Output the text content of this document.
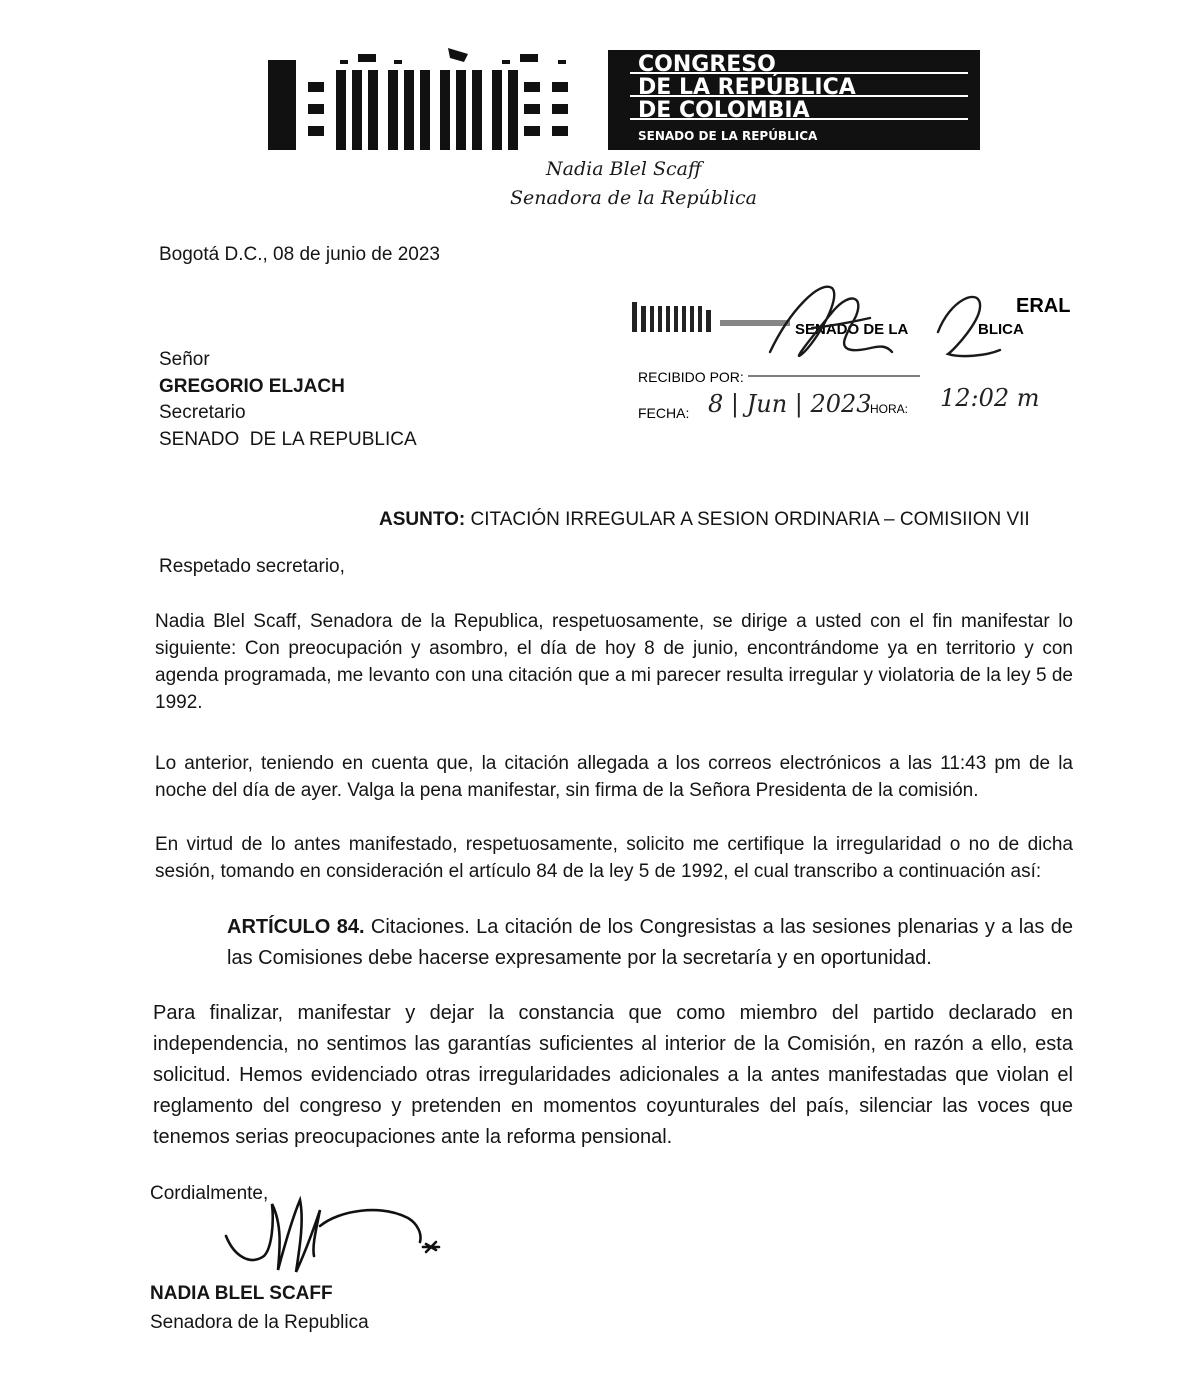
CONGRESO
DE LA REPÚBLICA
DE COLOMBIA
SENADO DE LA REPÚBLICA
Nadia Blel Scaff
Senadora de la República
ERAL
SENADO DE LA	BLICA
RECIBIDO POR:
FECHA: 8 | Jun | 2023
HORA: 12:02 m
Bogotá D.C., 08 de junio de 2023
Señor
GREGORIO ELJACH
Secretario
SENADO  DE LA REPUBLICA
ASUNTO: CITACIÓN IRREGULAR A SESION ORDINARIA – COMISIION VII
Respetado secretario,
Nadia Blel Scaff, Senadora de la Republica, respetuosamente, se dirige a usted con el fin manifestar lo siguiente: Con preocupación y asombro, el día de hoy 8 de junio, encontrándome ya en territorio y con agenda programada, me levanto con una citación que a mi parecer resulta irregular y violatoria de la ley 5 de 1992.
Lo anterior, teniendo en cuenta que, la citación allegada a los correos electrónicos a las 11:43 pm de la noche del día de ayer. Valga la pena manifestar, sin firma de la Señora Presidenta de la comisión.
En virtud de lo antes manifestado, respetuosamente, solicito me certifique la irregularidad o no de dicha sesión, tomando en consideración el artículo 84 de la ley 5 de 1992, el cual transcribo a continuación así:
ARTÍCULO 84. Citaciones. La citación de los Congresistas a las sesiones plenarias y a las de las Comisiones debe hacerse expresamente por la secretaría y en oportunidad.
Para finalizar, manifestar y dejar la constancia que como miembro del partido declarado en independencia, no sentimos las garantías suficientes al interior de la Comisión, en razón a ello, esta solicitud. Hemos evidenciado otras irregularidades adicionales a la antes manifestadas que violan el reglamento del congreso y pretenden en momentos coyunturales del país, silenciar las voces que tenemos serias preocupaciones ante la reforma pensional.
Cordialmente,
NADIA BLEL SCAFF
Senadora de la Republica
